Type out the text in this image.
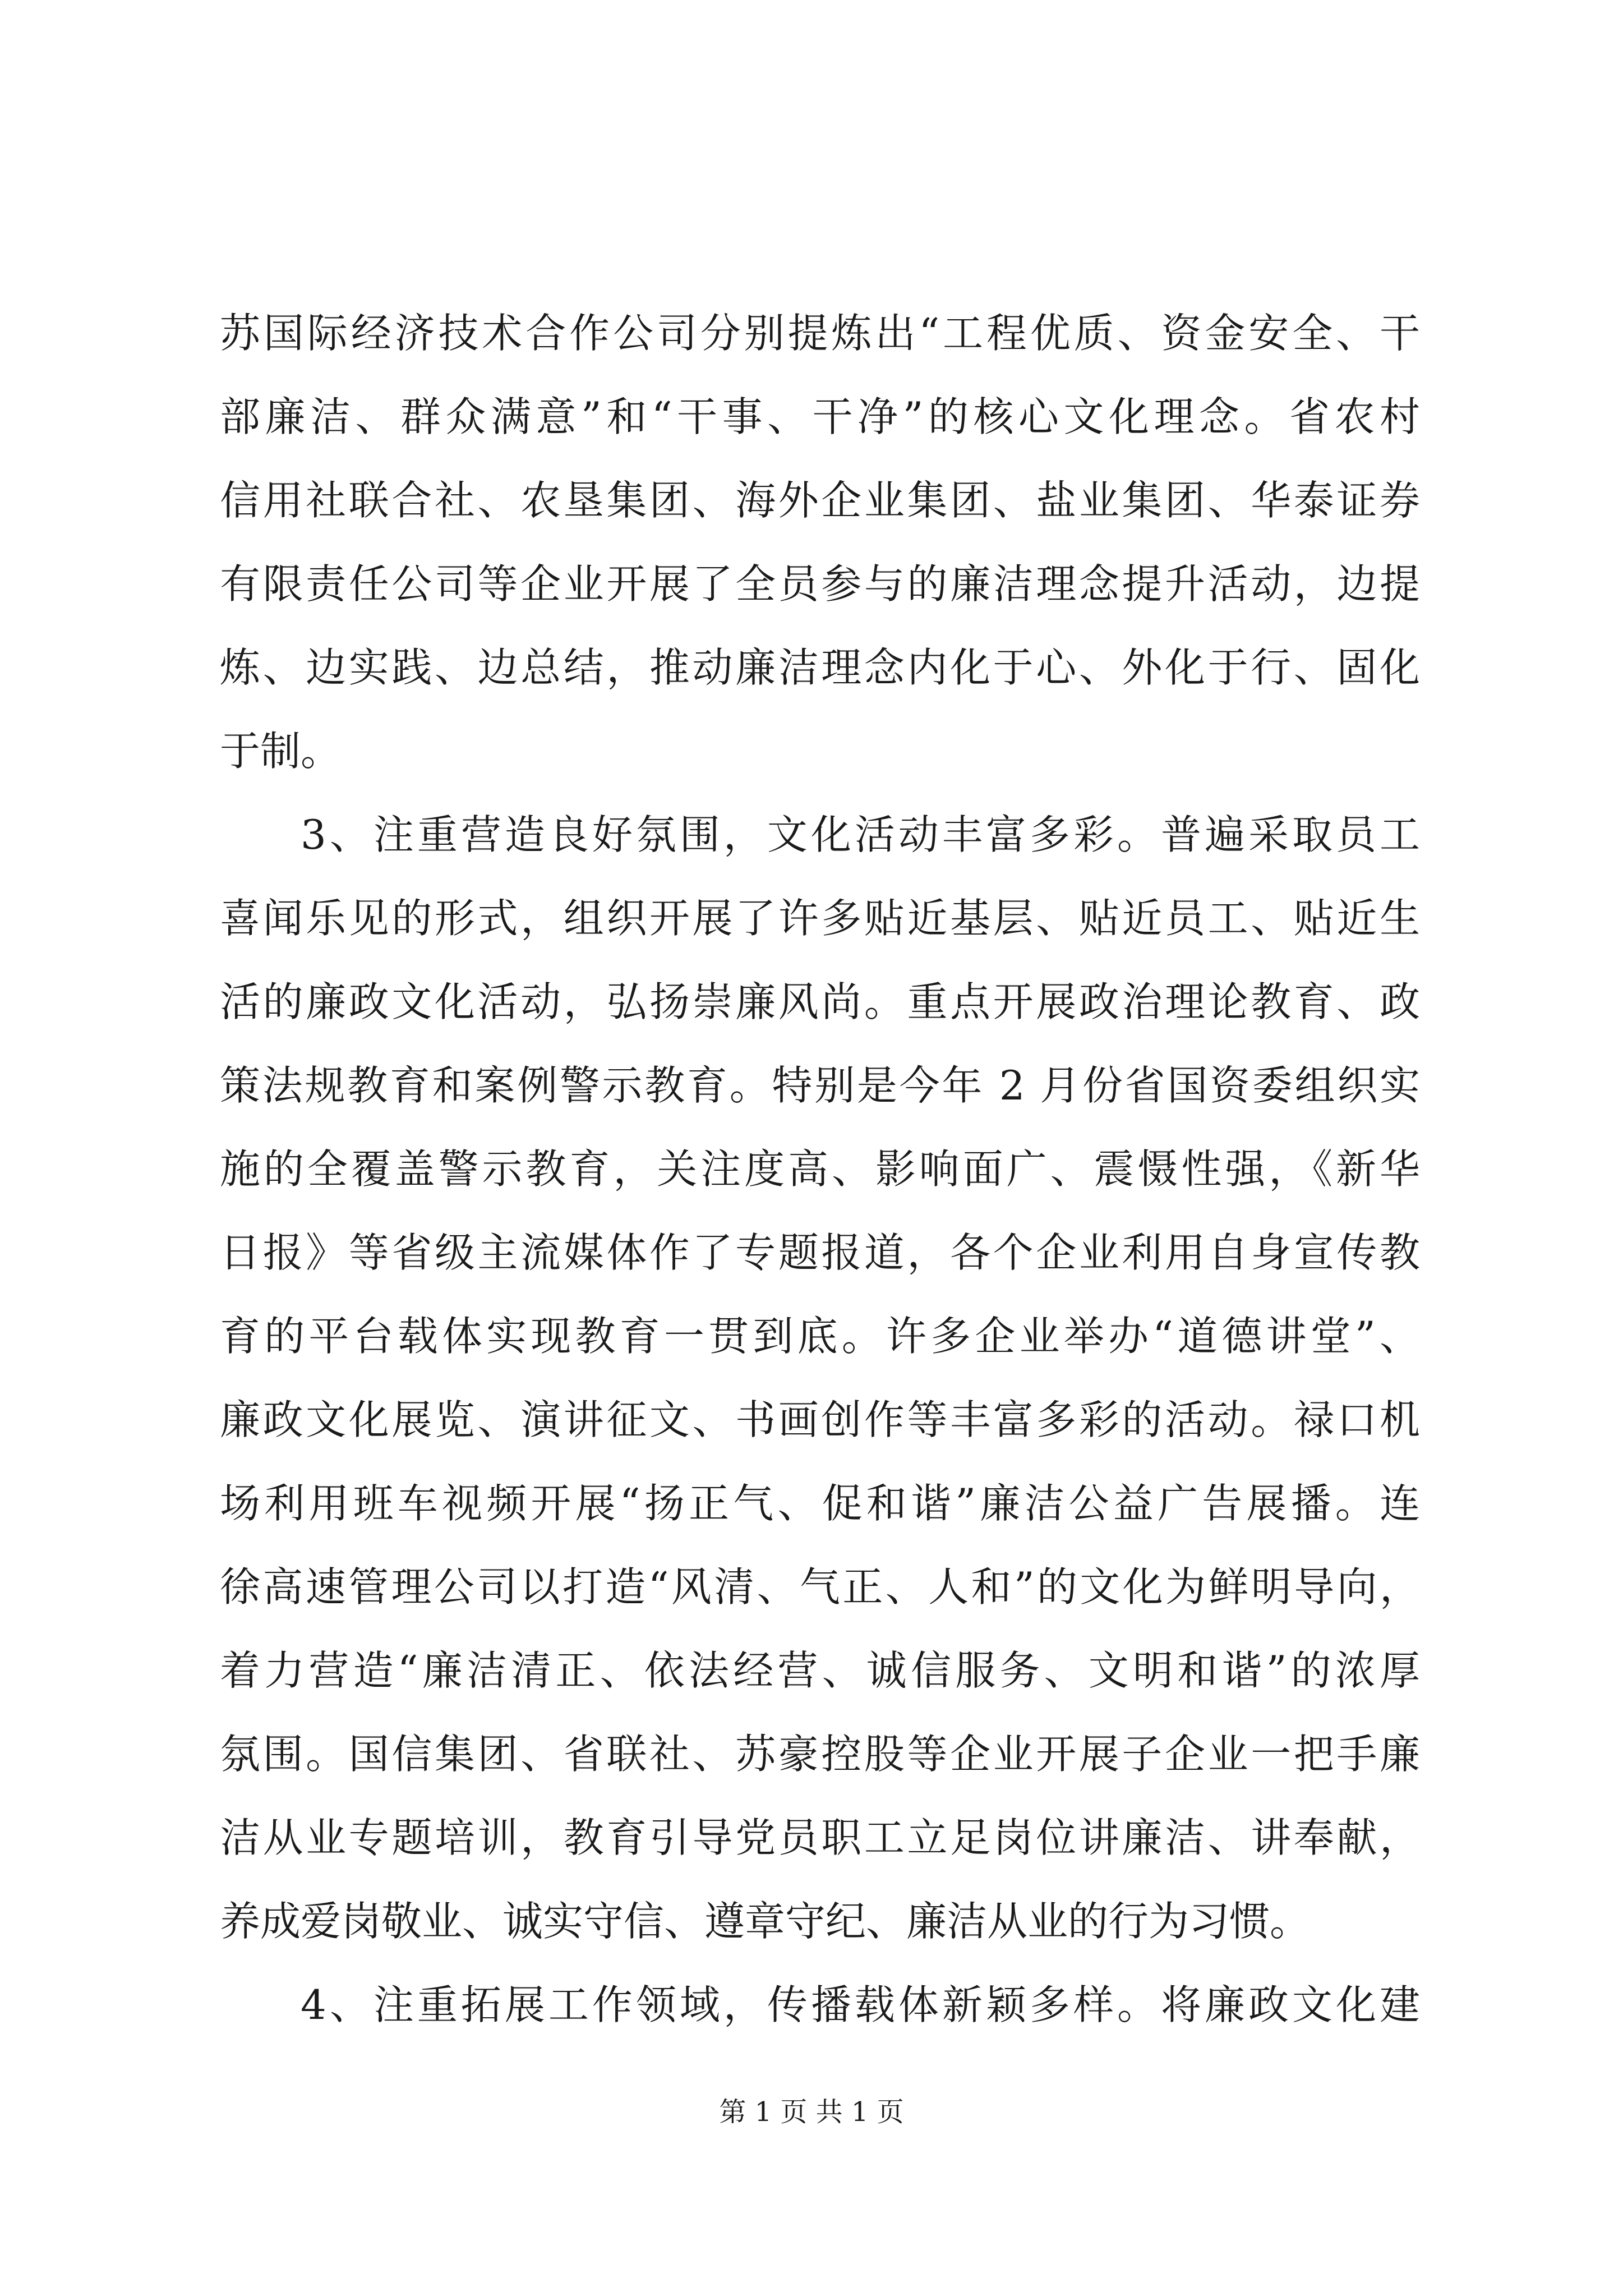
苏国际经济技术合作公司分别提炼出“工程优质、资金安全、干
部廉洁、群众满意”和“干事、干净”的核心文化理念。省农村
信用社联合社、农垦集团、海外企业集团、盐业集团、华泰证券
有限责任公司等企业开展了全员参与的廉洁理念提升活动，边提
炼、边实践、边总结，推动廉洁理念内化于心、外化于行、固化
于制。
3、注重营造良好氛围，文化活动丰富多彩。普遍采取员工
喜闻乐见的形式，组织开展了许多贴近基层、贴近员工、贴近生
活的廉政文化活动，弘扬崇廉风尚。重点开展政治理论教育、政
策法规教育和案例警示教育。特别是今年 2 月份省国资委组织实
施的全覆盖警示教育，关注度高、影响面广、震慑性强，《新华
日报》等省级主流媒体作了专题报道，各个企业利用自身宣传教
育的平台载体实现教育一贯到底。许多企业举办“道德讲堂”、
廉政文化展览、演讲征文、书画创作等丰富多彩的活动。禄口机
场利用班车视频开展“扬正气、促和谐”廉洁公益广告展播。连
徐高速管理公司以打造“风清、气正、人和”的文化为鲜明导向，
着力营造“廉洁清正、依法经营、诚信服务、文明和谐”的浓厚
氛围。国信集团、省联社、苏豪控股等企业开展子企业一把手廉
洁从业专题培训，教育引导党员职工立足岗位讲廉洁、讲奉献，
养成爱岗敬业、诚实守信、遵章守纪、廉洁从业的行为习惯。
4、注重拓展工作领域，传播载体新颖多样。将廉政文化建
第 1 页 共 1 页
